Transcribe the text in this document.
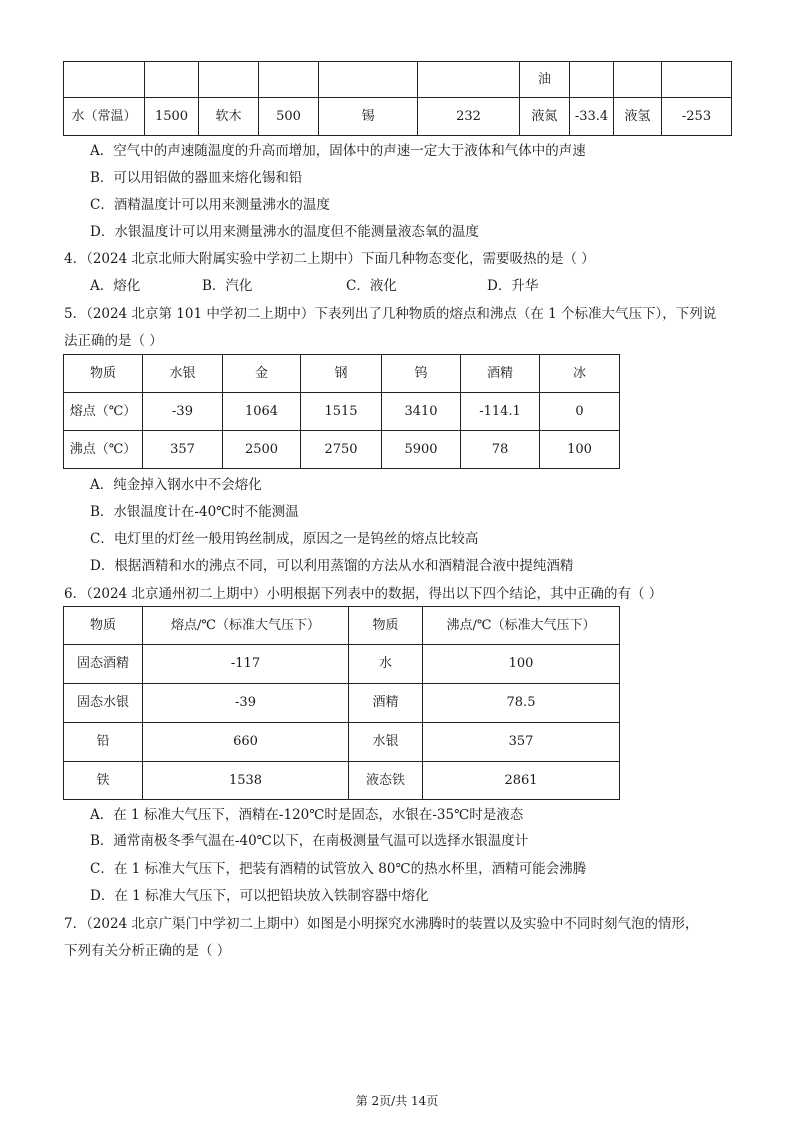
						油			
水（常温）	1500	软木	500	锡	232	液氮	-33.4	液氢	-253
A．空气中的声速随温度的升高而增加，固体中的声速一定大于液体和气体中的声速
B．可以用铝做的器皿来熔化锡和铅
C．酒精温度计可以用来测量沸水的温度
D．水银温度计可以用来测量沸水的温度但不能测量液态氧的温度
4．（2024 北京北师大附属实验中学初二上期中）下面几种物态变化，需要吸热的是（ ）
A．熔化	B．汽化	C．液化	D．升华
5．（2024 北京第 101 中学初二上期中）下表列出了几种物质的熔点和沸点（在 1 个标准大气压下），下列说
法正确的是（ ）
物质	水银	金	钢	钨	酒精	冰
熔点（℃）	-39	1064	1515	3410	-114.1	0
沸点（℃）	357	2500	2750	5900	78	100
A．纯金掉入钢水中不会熔化
B．水银温度计在-40℃时不能测温
C．电灯里的灯丝一般用钨丝制成，原因之一是钨丝的熔点比较高
D．根据酒精和水的沸点不同，可以利用蒸馏的方法从水和酒精混合液中提纯酒精
6．（2024 北京通州初二上期中）小明根据下列表中的数据，得出以下四个结论，其中正确的有（ ）
物质	熔点/℃（标准大气压下）	物质	沸点/℃（标准大气压下）
固态酒精	-117	水	100
固态水银	-39	酒精	78.5
铅	660	水银	357
铁	1538	液态铁	2861
A．在 1 标准大气压下，酒精在-120℃时是固态，水银在-35℃时是液态
B．通常南极冬季气温在-40℃以下，在南极测量气温可以选择水银温度计
C．在 1 标准大气压下，把装有酒精的试管放入 80℃的热水杯里，酒精可能会沸腾
D．在 1 标准大气压下，可以把铅块放入铁制容器中熔化
7．（2024 北京广渠门中学初二上期中）如图是小明探究水沸腾时的装置以及实验中不同时刻气泡的情形，
下列有关分析正确的是（ ）
第 2页/共 14页
